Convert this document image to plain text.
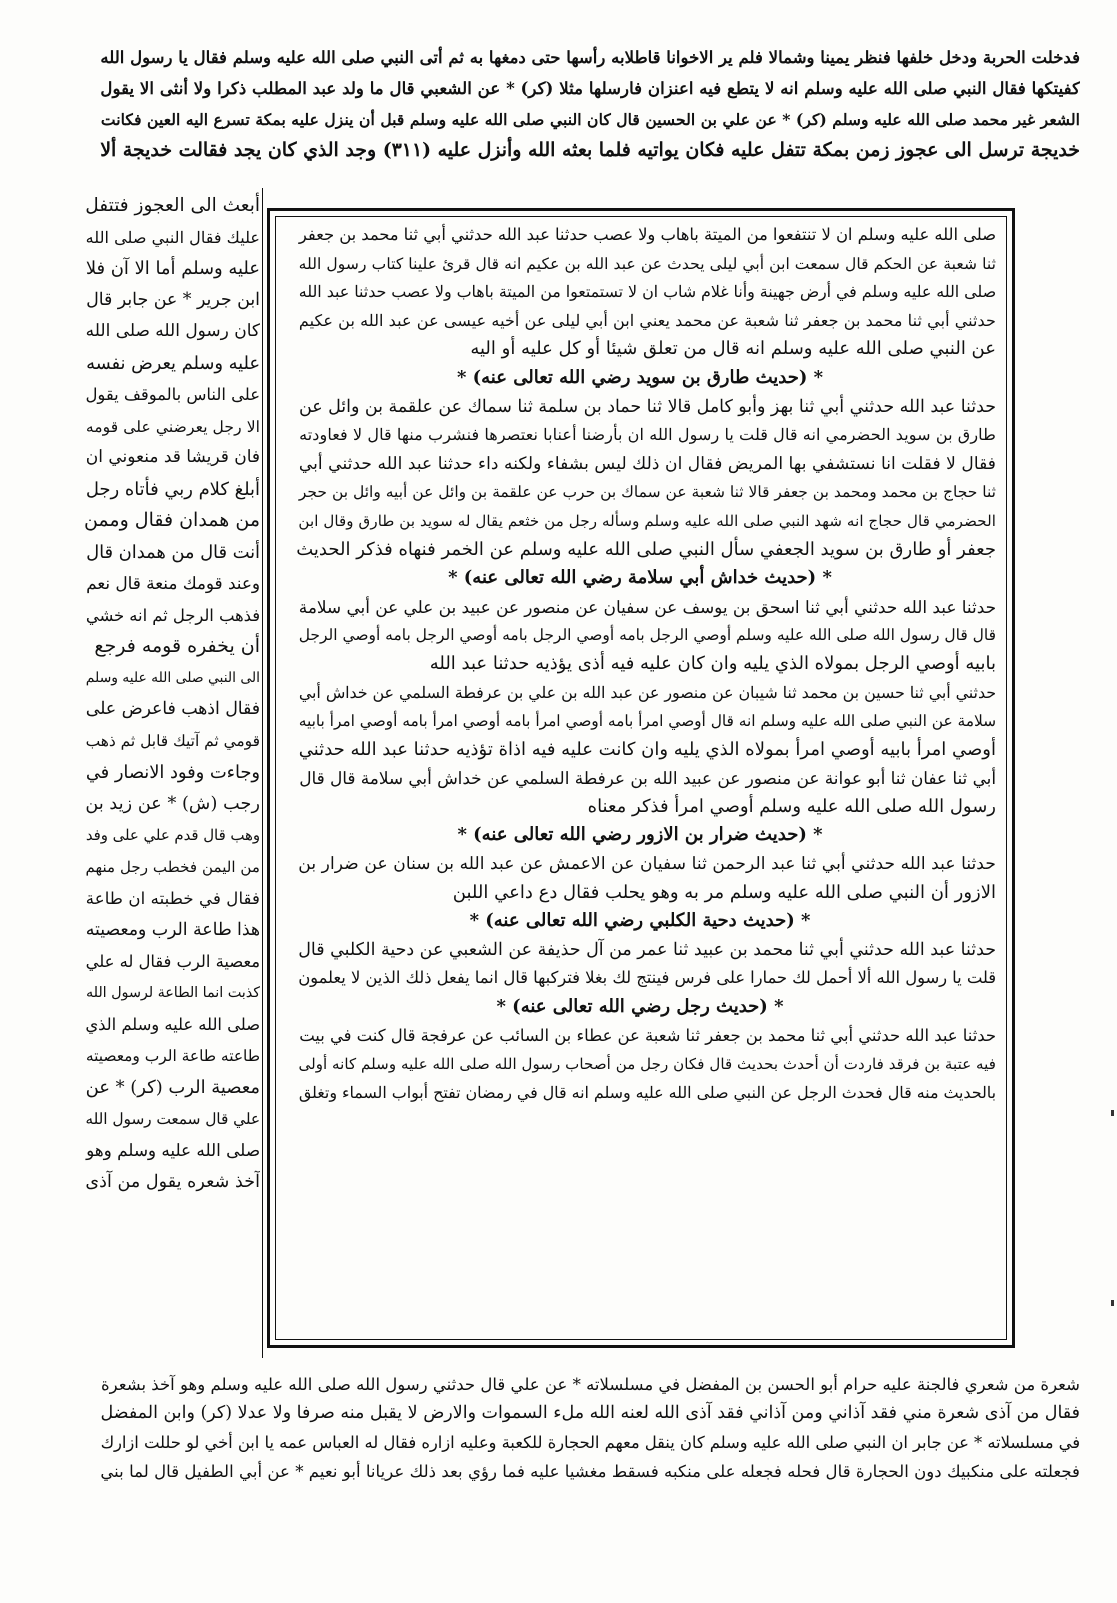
فدخلت الحربة ودخل خلفها فنظر يمينا وشمالا فلم ير الاخوانا قاطلابه رأسها حتى دمغها به ثم أتى النبي صلى الله عليه وسلم فقال يا رسول الله
كفيتكها فقال النبي صلى الله عليه وسلم انه لا يتطع فيه اعنزان فارسلها مثلا (كر) * عن الشعبي قال ما ولد عبد المطلب ذكرا ولا أنثى الا يقول
الشعر غير محمد صلى الله عليه وسلم (كر) * عن علي بن الحسين قال كان النبي صلى الله عليه وسلم قبل أن ينزل عليه بمكة تسرع اليه العين فكانت
خديجة ترسل الى عجوز زمن بمكة تتفل عليه فكان يواتيه فلما بعثه الله وأنزل عليه (٣١١) وجد الذي كان يجد فقالت خديجة ألا
أبعث الى العجوز فتتفل
عليك فقال النبي صلى الله
عليه وسلم أما الا آن فلا
ابن جرير * عن جابر قال
كان رسول الله صلى الله
عليه وسلم يعرض نفسه
على الناس بالموقف يقول
الا رجل يعرضني على قومه
فان قريشا قد منعوني ان
أبلغ كلام ربي فأتاه رجل
من همدان فقال وممن
أنت قال من همدان قال
وعند قومك منعة قال نعم
فذهب الرجل ثم انه خشي
أن يخفره قومه فرجع
الى النبي صلى الله عليه وسلم
فقال اذهب فاعرض على
قومي ثم آتيك قابل ثم ذهب
وجاءت وفود الانصار في
رجب (ش) * عن زيد بن
وهب قال قدم علي على وفد
من اليمن فخطب رجل منهم
فقال في خطبته ان طاعة
هذا طاعة الرب ومعصيته
معصية الرب فقال له علي
كذبت انما الطاعة لرسول الله
صلى الله عليه وسلم الذي
طاعته طاعة الرب ومعصيته
معصية الرب (كر) * عن
علي قال سمعت رسول الله
صلى الله عليه وسلم وهو
آخذ شعره يقول من آذى
صلى الله عليه وسلم ان لا تنتفعوا من الميتة باهاب ولا عصب حدثنا عبد الله حدثني أبي ثنا محمد بن جعفر
ثنا شعبة عن الحكم قال سمعت ابن أبي ليلى يحدث عن عبد الله بن عكيم انه قال قرئ علينا كتاب رسول الله
صلى الله عليه وسلم في أرض جهينة وأنا غلام شاب ان لا تستمتعوا من الميتة باهاب ولا عصب حدثنا عبد الله
حدثني أبي ثنا محمد بن جعفر ثنا شعبة عن محمد يعني ابن أبي ليلى عن أخيه عيسى عن عبد الله بن عكيم
عن النبي صلى الله عليه وسلم انه قال من تعلق شيئا أو كل عليه أو اليه
* (حديث طارق بن سويد رضي الله تعالى عنه) *
حدثنا عبد الله حدثني أبي ثنا بهز وأبو كامل قالا ثنا حماد بن سلمة ثنا سماك عن علقمة بن وائل عن
طارق بن سويد الحضرمي انه قال قلت يا رسول الله ان بأرضنا أعنابا نعتصرها فنشرب منها قال لا فعاودته
فقال لا فقلت انا نستشفي بها المريض فقال ان ذلك ليس بشفاء ولكنه داء حدثنا عبد الله حدثني أبي
ثنا حجاج بن محمد ومحمد بن جعفر قالا ثنا شعبة عن سماك بن حرب عن علقمة بن وائل عن أبيه وائل بن حجر
الحضرمي قال حجاج انه شهد النبي صلى الله عليه وسلم وسأله رجل من خثعم يقال له سويد بن طارق وقال ابن
جعفر أو طارق بن سويد الجعفي سأل النبي صلى الله عليه وسلم عن الخمر فنهاه فذكر الحديث
* (حديث خداش أبي سلامة رضي الله تعالى عنه) *
حدثنا عبد الله حدثني أبي ثنا اسحق بن يوسف عن سفيان عن منصور عن عبيد بن علي عن أبي سلامة
قال قال رسول الله صلى الله عليه وسلم أوصي الرجل بامه أوصي الرجل بامه أوصي الرجل بامه أوصي الرجل
بابيه أوصي الرجل بمولاه الذي يليه وان كان عليه فيه أذى يؤذيه حدثنا عبد الله
حدثني أبي ثنا حسين بن محمد ثنا شيبان عن منصور عن عبد الله بن علي بن عرفطة السلمي عن خداش أبي
سلامة عن النبي صلى الله عليه وسلم انه قال أوصي امرأ بامه أوصي امرأ بامه أوصي امرأ بامه أوصي امرأ بابيه
أوصي امرأ بابيه أوصي امرأ بمولاه الذي يليه وان كانت عليه فيه اذاة تؤذيه حدثنا عبد الله حدثني
أبي ثنا عفان ثنا أبو عوانة عن منصور عن عبيد الله بن عرفطة السلمي عن خداش أبي سلامة قال قال
رسول الله صلى الله عليه وسلم أوصي امرأ فذكر معناه
* (حديث ضرار بن الازور رضي الله تعالى عنه) *
حدثنا عبد الله حدثني أبي ثنا عبد الرحمن ثنا سفيان عن الاعمش عن عبد الله بن سنان عن ضرار بن
الازور أن النبي صلى الله عليه وسلم مر به وهو يحلب فقال دع داعي اللبن
* (حديث دحية الكلبي رضي الله تعالى عنه) *
حدثنا عبد الله حدثني أبي ثنا محمد بن عبيد ثنا عمر من آل حذيفة عن الشعبي عن دحية الكلبي قال
قلت يا رسول الله ألا أحمل لك حمارا على فرس فينتج لك بغلا فتركبها قال انما يفعل ذلك الذين لا يعلمون
* (حديث رجل رضي الله تعالى عنه) *
حدثنا عبد الله حدثني أبي ثنا محمد بن جعفر ثنا شعبة عن عطاء بن السائب عن عرفجة قال كنت في بيت
فيه عتبة بن فرقد فاردت أن أحدث بحديث قال فكان رجل من أصحاب رسول الله صلى الله عليه وسلم كانه أولى
بالحديث منه قال فحدث الرجل عن النبي صلى الله عليه وسلم انه قال في رمضان تفتح أبواب السماء وتغلق
شعرة من شعري فالجنة عليه حرام أبو الحسن بن المفضل في مسلسلاته * عن علي قال حدثني رسول الله صلى الله عليه وسلم وهو آخذ بشعرة
فقال من آذى شعرة مني فقد آذاني ومن آذاني فقد آذى الله لعنه الله ملء السموات والارض لا يقبل منه صرفا ولا عدلا (كر) وابن المفضل
في مسلسلاته * عن جابر ان النبي صلى الله عليه وسلم كان ينقل معهم الحجارة للكعبة وعليه ازاره فقال له العباس عمه يا ابن أخي لو حللت ازارك
فجعلته على منكبيك دون الحجارة قال فحله فجعله على منكبه فسقط مغشيا عليه فما رؤي بعد ذلك عريانا أبو نعيم * عن أبي الطفيل قال لما بني
